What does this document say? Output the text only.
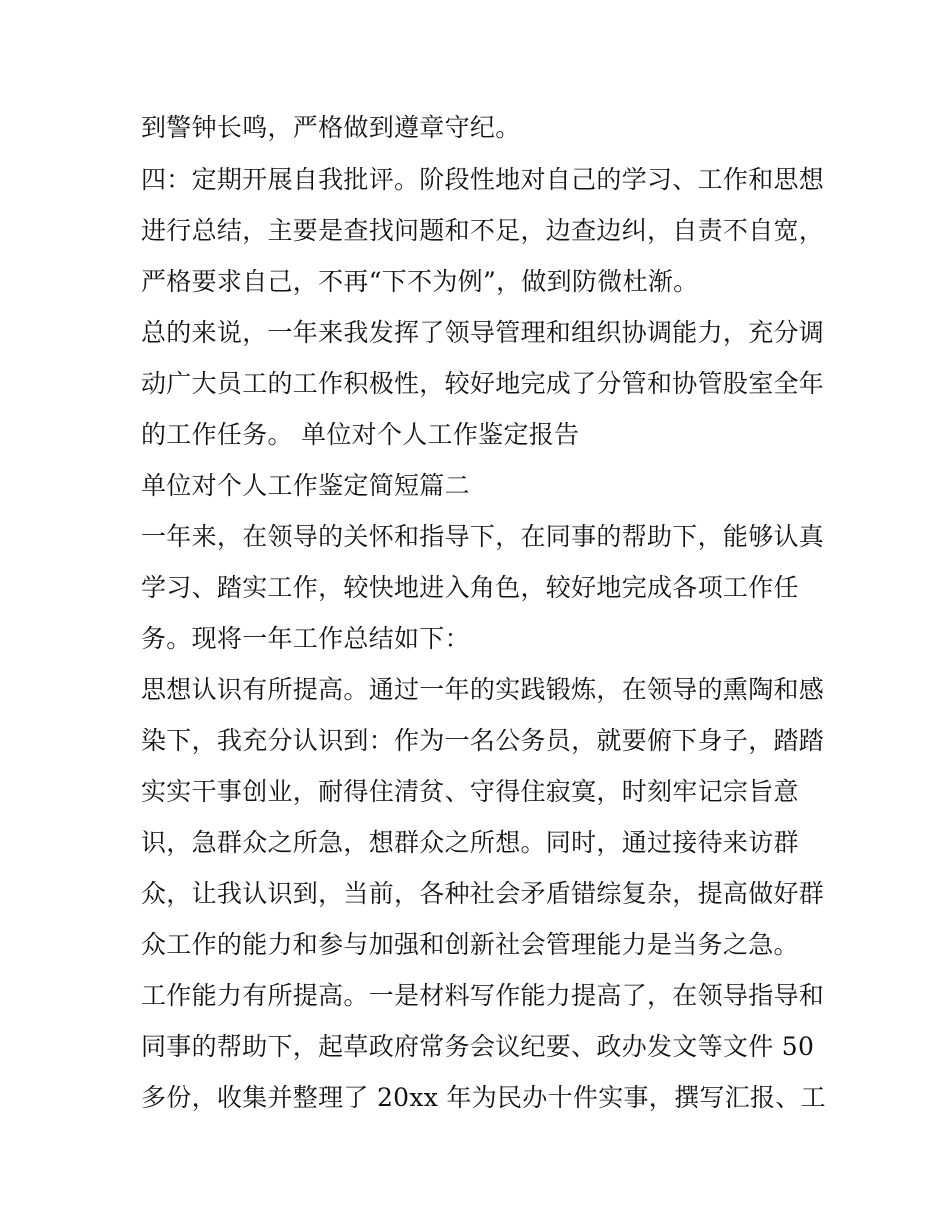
到警钟长鸣，严格做到遵章守纪。
四：定期开展自我批评。阶段性地对自己的学习、工作和思想
进行总结，主要是查找问题和不足，边查边纠，自责不自宽，
严格要求自己，不再“下不为例”，做到防微杜渐。
总的来说，一年来我发挥了领导管理和组织协调能力，充分调
动广大员工的工作积极性，较好地完成了分管和协管股室全年
的工作任务。 单位对个人工作鉴定报告
单位对个人工作鉴定简短篇二
一年来，在领导的关怀和指导下，在同事的帮助下，能够认真
学习、踏实工作，较快地进入角色，较好地完成各项工作任
务。现将一年工作总结如下：
思想认识有所提高。通过一年的实践锻炼，在领导的熏陶和感
染下，我充分认识到：作为一名公务员，就要俯下身子，踏踏
实实干事创业，耐得住清贫、守得住寂寞，时刻牢记宗旨意
识，急群众之所急，想群众之所想。同时，通过接待来访群
众，让我认识到，当前，各种社会矛盾错综复杂，提高做好群
众工作的能力和参与加强和创新社会管理能力是当务之急。
工作能力有所提高。一是材料写作能力提高了，在领导指导和
同事的帮助下，起草政府常务会议纪要、政办发文等文件 50
多份，收集并整理了 20xx 年为民办十件实事，撰写汇报、工
